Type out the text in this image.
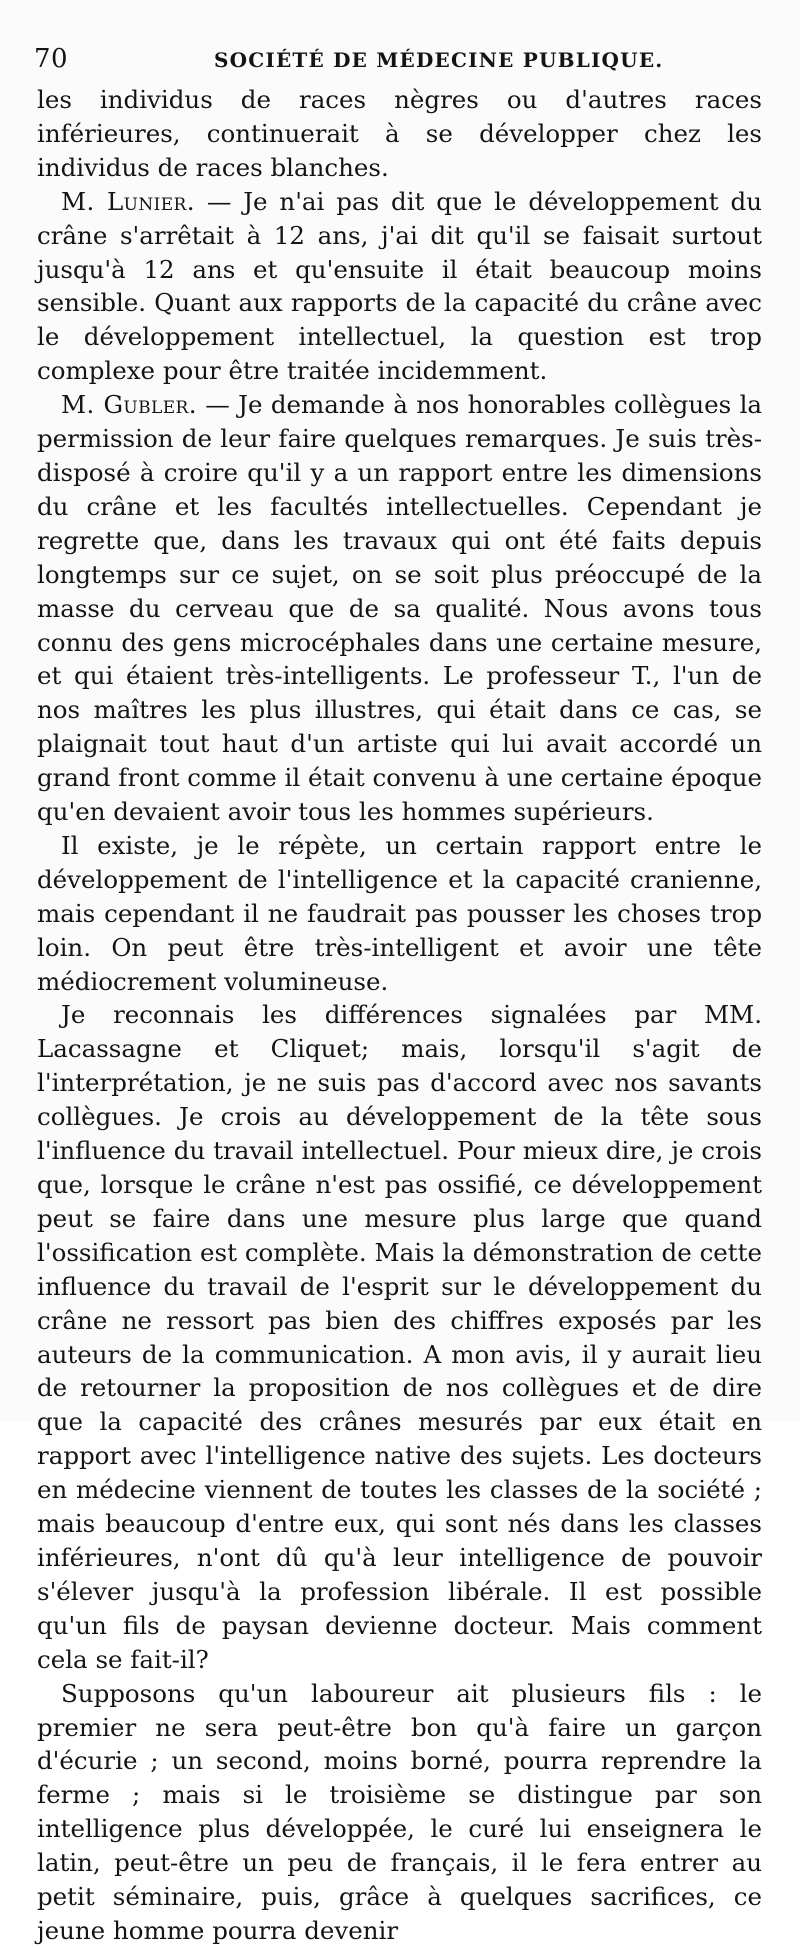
70	SOCIÉTÉ DE MÉDECINE PUBLIQUE.

les individus de races nègres ou d'autres races inférieures, continuerait à se développer chez les individus de races blanches.

M. Lunier. — Je n'ai pas dit que le développement du crâne s'arrêtait à 12 ans, j'ai dit qu'il se faisait surtout jusqu'à 12 ans et qu'ensuite il était beaucoup moins sensible. Quant aux rapports de la capacité du crâne avec le développement intellectuel, la question est trop complexe pour être traitée incidemment.

M. Gubler. — Je demande à nos honorables collègues la permission de leur faire quelques remarques. Je suis très-disposé à croire qu'il y a un rapport entre les dimensions du crâne et les facultés intellectuelles. Cependant je regrette que, dans les travaux qui ont été faits depuis longtemps sur ce sujet, on se soit plus préoccupé de la masse du cerveau que de sa qualité. Nous avons tous connu des gens microcéphales dans une certaine mesure, et qui étaient très-intelligents. Le professeur T., l'un de nos maîtres les plus illustres, qui était dans ce cas, se plaignait tout haut d'un artiste qui lui avait accordé un grand front comme il était convenu à une certaine époque qu'en devaient avoir tous les hommes supérieurs.

Il existe, je le répète, un certain rapport entre le développement de l'intelligence et la capacité cranienne, mais cependant il ne faudrait pas pousser les choses trop loin. On peut être très-intelligent et avoir une tête médiocrement volumineuse.

Je reconnais les différences signalées par MM. Lacassagne et Cliquet; mais, lorsqu'il s'agit de l'interprétation, je ne suis pas d'accord avec nos savants collègues. Je crois au développement de la tête sous l'influence du travail intellectuel. Pour mieux dire, je crois que, lorsque le crâne n'est pas ossifié, ce développement peut se faire dans une mesure plus large que quand l'ossification est complète. Mais la démonstration de cette influence du travail de l'esprit sur le développement du crâne ne ressort pas bien des chiffres exposés par les auteurs de la communication. A mon avis, il y aurait lieu de retourner la proposition de nos collègues et de dire que la capacité des crânes mesurés par eux était en rapport avec l'intelligence native des sujets. Les docteurs en médecine viennent de toutes les classes de la société ; mais beaucoup d'entre eux, qui sont nés dans les classes inférieures, n'ont dû qu'à leur intelligence de pouvoir s'élever jusqu'à la profession libérale. Il est possible qu'un fils de paysan devienne docteur. Mais comment cela se fait-il?

Supposons qu'un laboureur ait plusieurs fils : le premier ne sera peut-être bon qu'à faire un garçon d'écurie ; un second, moins borné, pourra reprendre la ferme ; mais si le troisième se distingue par son intelligence plus développée, le curé lui enseignera le latin, peut-être un peu de français, il le fera entrer au petit séminaire, puis, grâce à quelques sacrifices, ce jeune homme pourra devenir
